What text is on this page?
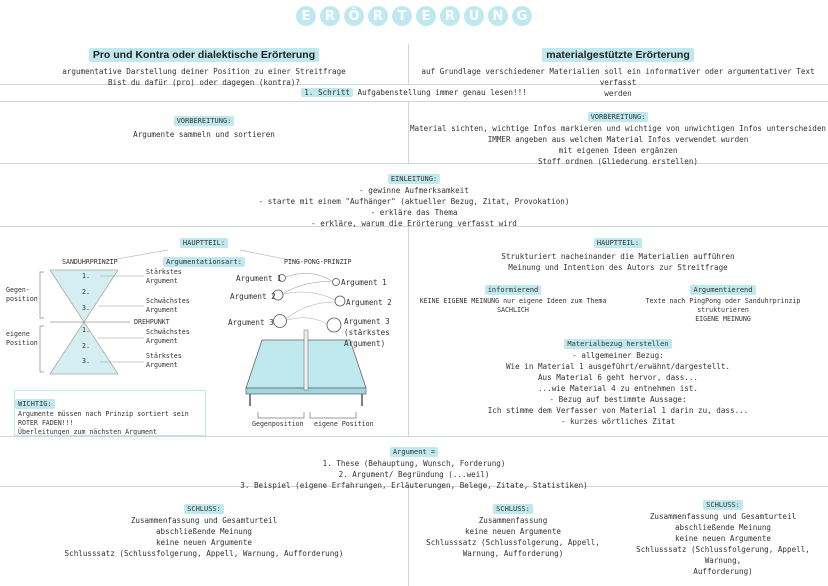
E	R	Ö	R	T	E	R	U	N	G
Pro und Kontra oder dialektische Erörterung
argumentative Darstellung deiner Position zu einer Streitfrage
Bist du dafür (pro) oder dagegen (kontra)?
materialgestützte Erörterung
auf Grundlage verschiedener Materialien soll ein informativer oder argumentativer Text verfasst
werden
1. Schritt Aufgabenstellung immer genau lesen!!!
VORBEREITUNG:
Argumente sammeln und sortieren
VORBEREITUNG:
Material sichten, wichtige Infos markieren und wichtige von unwichtigen Infos unterscheiden
IMMER angeben aus welchem Material Infos verwendet wurden
mit eigenen Ideen ergänzen
Stoff ordnen (Gliederung erstellen)
EINLEITUNG:
- gewinne Aufmerksamkeit
- starte mit einem "Aufhänger" (aktueller Bezug, Zitat, Provokation)
- erkläre das Thema
- erkläre, warum die Erörterung verfasst wird
HAUPTTEIL:
Argumentationsart:
SANDUHRPRINZIP	PING-PONG-PRINZIP
Gegen-
position
eigene
Position
1.
2.
3.
1.
2.
3.
Stärkstes
Argument
Schwächstes
Argument
DREHPUNKT
Schwächstes
Argument
Stärkstes
Argument
Argument 1
Argument 2
Argument 3
Argument 1
Argument 2
Argument 3
(stärkstes
Argument)
Gegenposition eigene Position
WICHTIG:
Argumente müssen nach Prinzip sortiert sein
ROTER FADEN!!!
Überleitungen zum nächsten Argument
HAUPTTEIL:
Strukturiert nacheinander die Materialien aufführen
Meinung und Intention des Autors zur Streitfrage
informierend
KEINE EIGENE MEINUNG nur eigene Ideen zum Thema
SACHLICH
Argumentierend
Texte nach PingPong oder Sanduhrprinzip
strukturieren
EIGENE MEINUNG
Materialbezug herstellen
- allgemeiner Bezug:
Wie in Material 1 ausgeführt/erwähnt/dargestellt.
Aus Material 6 geht hervor, dass...
...wie Material 4 zu entnehmen ist.
- Bezug auf bestimmte Aussage:
Ich stimme dem Verfasser von Material 1 darin zu, dass...
- kurzes wörtliches Zitat
Argument =
1. These (Behauptung, Wunsch, Forderung)
2. Argument/ Begründung (...weil)
3. Beispiel (eigene Erfahrungen, Erläuterungen, Belege, Zitate, Statistiken)
SCHLUSS:
Zusammenfassung und Gesamturteil
abschließende Meinung
keine neuen Argumente
Schlusssatz (Schlussfolgerung, Appell, Warnung, Aufforderung)
SCHLUSS:
Zusammenfassung
keine neuen Argumente
Schlusssatz (Schlussfolgerung, Appell,
Warnung, Aufforderung)
SCHLUSS:
Zusammenfassung und Gesamturteil
abschließende Meinung
keine neuen Argumente
Schlusssatz (Schlussfolgerung, Appell, Warnung,
Aufforderung)
